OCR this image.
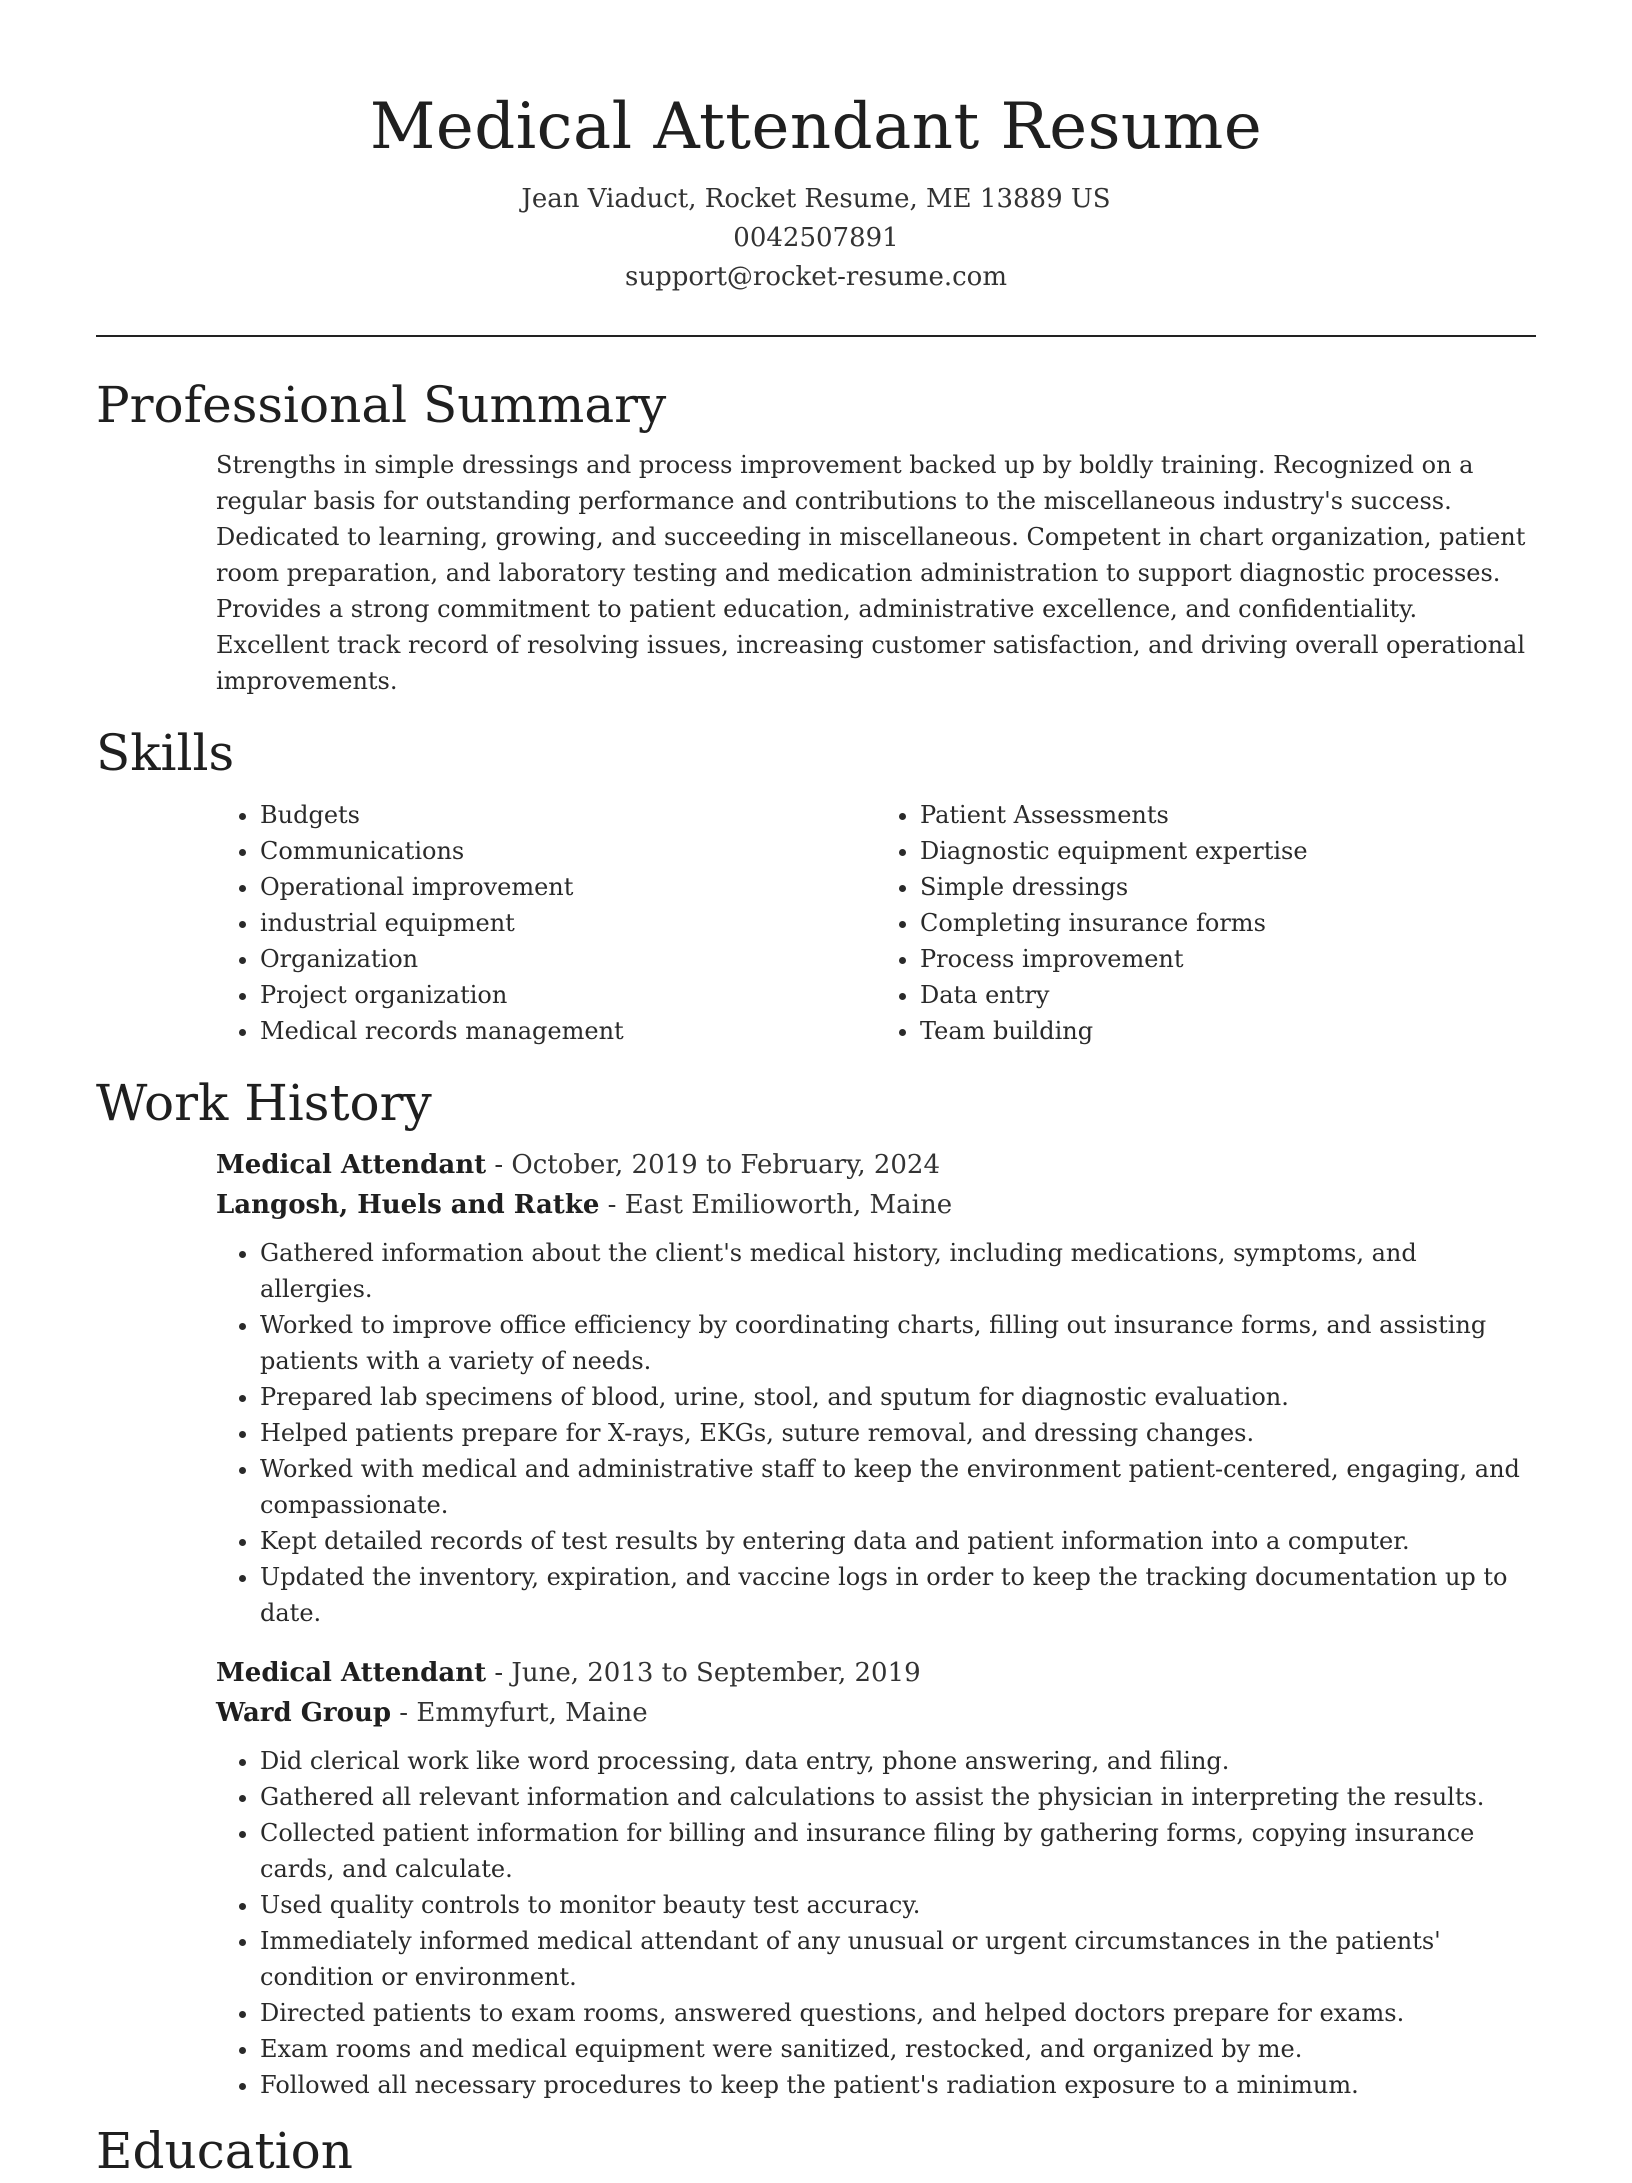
Medical Attendant Resume
Jean Viaduct, Rocket Resume, ME 13889 US
0042507891
support@rocket-resume.com
Professional Summary

Strengths in simple dressings and process improvement backed up by boldly training. Recognized on a regular basis for outstanding performance and contributions to the miscellaneous industry's success. Dedicated to learning, growing, and succeeding in miscellaneous. Competent in chart organization, patient room preparation, and laboratory testing and medication administration to support diagnostic processes. Provides a strong commitment to patient education, administrative excellence, and confidentiality. Excellent track record of resolving issues, increasing customer satisfaction, and driving overall operational improvements.

Skills
• Budgets
• Communications
• Operational improvement
• industrial equipment
• Organization
• Project organization
• Medical records management
• Patient Assessments
• Diagnostic equipment expertise
• Simple dressings
• Completing insurance forms
• Process improvement
• Data entry
• Team building
Work History
Medical Attendant - October, 2019 to February, 2024
Langosh, Huels and Ratke - East Emilioworth, Maine
• Gathered information about the client's medical history, including medications, symptoms, and allergies.
• Worked to improve office efficiency by coordinating charts, filling out insurance forms, and assisting patients with a variety of needs.
• Prepared lab specimens of blood, urine, stool, and sputum for diagnostic evaluation.
• Helped patients prepare for X-rays, EKGs, suture removal, and dressing changes.
• Worked with medical and administrative staff to keep the environment patient-centered, engaging, and compassionate.
• Kept detailed records of test results by entering data and patient information into a computer.
• Updated the inventory, expiration, and vaccine logs in order to keep the tracking documentation up to date.
Medical Attendant - June, 2013 to September, 2019
Ward Group - Emmyfurt, Maine
• Did clerical work like word processing, data entry, phone answering, and filing.
• Gathered all relevant information and calculations to assist the physician in interpreting the results.
• Collected patient information for billing and insurance filing by gathering forms, copying insurance cards, and calculate.
• Used quality controls to monitor beauty test accuracy.
• Immediately informed medical attendant of any unusual or urgent circumstances in the patients' condition or environment.
• Directed patients to exam rooms, answered questions, and helped doctors prepare for exams.
• Exam rooms and medical equipment were sanitized, restocked, and organized by me.
• Followed all necessary procedures to keep the patient's radiation exposure to a minimum.
Education
